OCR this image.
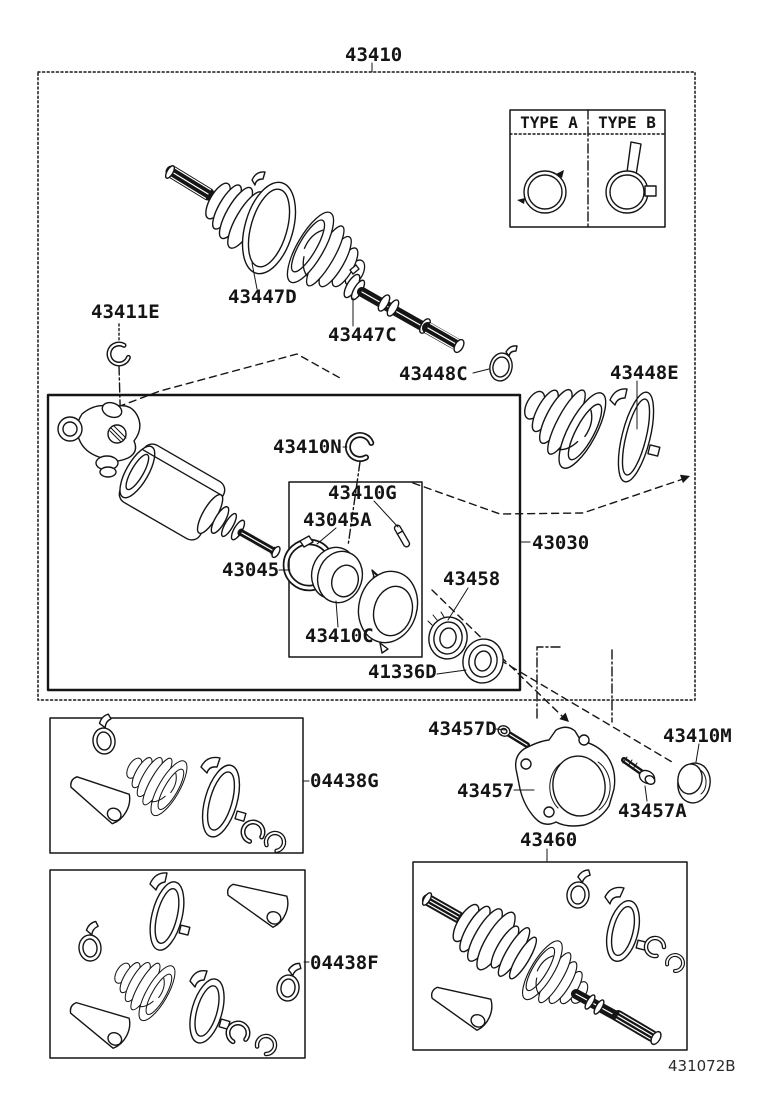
43410
TYPE A TYPE B
43411E
43447D
43447C
43448C	43448E
43410N
43410G
43045A
43045
43410C
43458
41336D
43030
43457D	43410M
43457
43457A
43460
04438G
04438F
431072B
